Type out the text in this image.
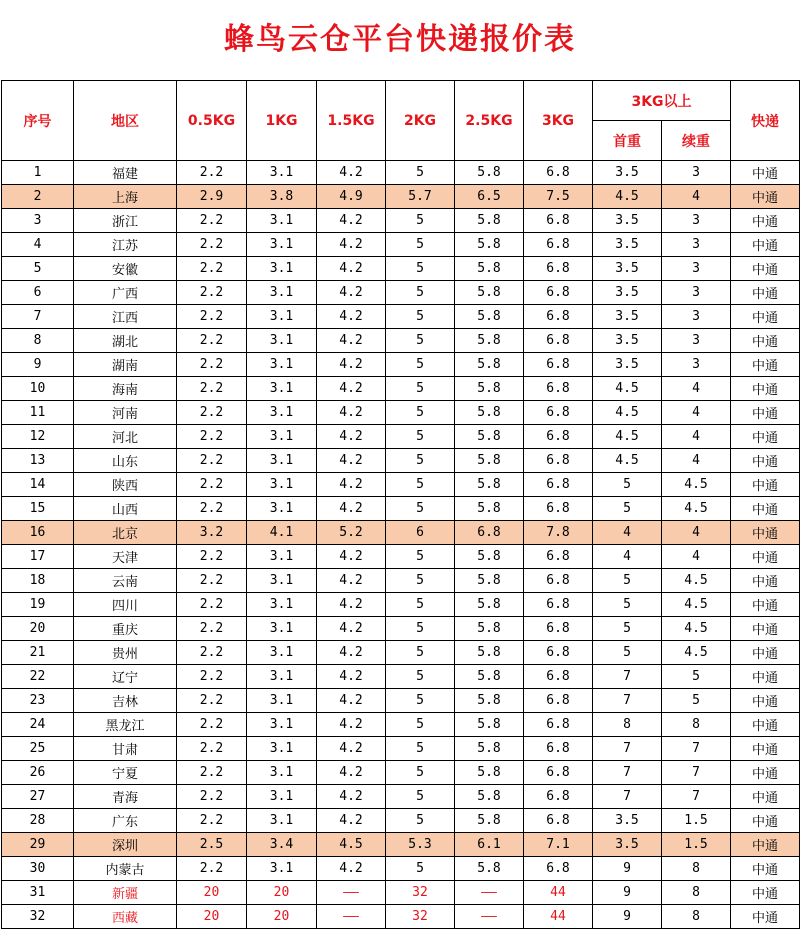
蜂鸟云仓平台快递报价表
序号	地区	0.5KG	1KG	1.5KG	2KG	2.5KG	3KG	3KG以上		快递
								首重	续重	
1	福建	2.2	3.1	4.2	5	5.8	6.8	3.5	3	中通
2	上海	2.9	3.8	4.9	5.7	6.5	7.5	4.5	4	中通
3	浙江	2.2	3.1	4.2	5	5.8	6.8	3.5	3	中通
4	江苏	2.2	3.1	4.2	5	5.8	6.8	3.5	3	中通
5	安徽	2.2	3.1	4.2	5	5.8	6.8	3.5	3	中通
6	广西	2.2	3.1	4.2	5	5.8	6.8	3.5	3	中通
7	江西	2.2	3.1	4.2	5	5.8	6.8	3.5	3	中通
8	湖北	2.2	3.1	4.2	5	5.8	6.8	3.5	3	中通
9	湖南	2.2	3.1	4.2	5	5.8	6.8	3.5	3	中通
10	海南	2.2	3.1	4.2	5	5.8	6.8	4.5	4	中通
11	河南	2.2	3.1	4.2	5	5.8	6.8	4.5	4	中通
12	河北	2.2	3.1	4.2	5	5.8	6.8	4.5	4	中通
13	山东	2.2	3.1	4.2	5	5.8	6.8	4.5	4	中通
14	陕西	2.2	3.1	4.2	5	5.8	6.8	5	4.5	中通
15	山西	2.2	3.1	4.2	5	5.8	6.8	5	4.5	中通
16	北京	3.2	4.1	5.2	6	6.8	7.8	4	4	中通
17	天津	2.2	3.1	4.2	5	5.8	6.8	4	4	中通
18	云南	2.2	3.1	4.2	5	5.8	6.8	5	4.5	中通
19	四川	2.2	3.1	4.2	5	5.8	6.8	5	4.5	中通
20	重庆	2.2	3.1	4.2	5	5.8	6.8	5	4.5	中通
21	贵州	2.2	3.1	4.2	5	5.8	6.8	5	4.5	中通
22	辽宁	2.2	3.1	4.2	5	5.8	6.8	7	5	中通
23	吉林	2.2	3.1	4.2	5	5.8	6.8	7	5	中通
24	黑龙江	2.2	3.1	4.2	5	5.8	6.8	8	8	中通
25	甘肃	2.2	3.1	4.2	5	5.8	6.8	7	7	中通
26	宁夏	2.2	3.1	4.2	5	5.8	6.8	7	7	中通
27	青海	2.2	3.1	4.2	5	5.8	6.8	7	7	中通
28	广东	2.2	3.1	4.2	5	5.8	6.8	3.5	1.5	中通
29	深圳	2.5	3.4	4.5	5.3	6.1	7.1	3.5	1.5	中通
30	内蒙古	2.2	3.1	4.2	5	5.8	6.8	9	8	中通
31	新疆	20	20	——	32	——	44	9	8	中通
32	西藏	20	20	——	32	——	44	9	8	中通
